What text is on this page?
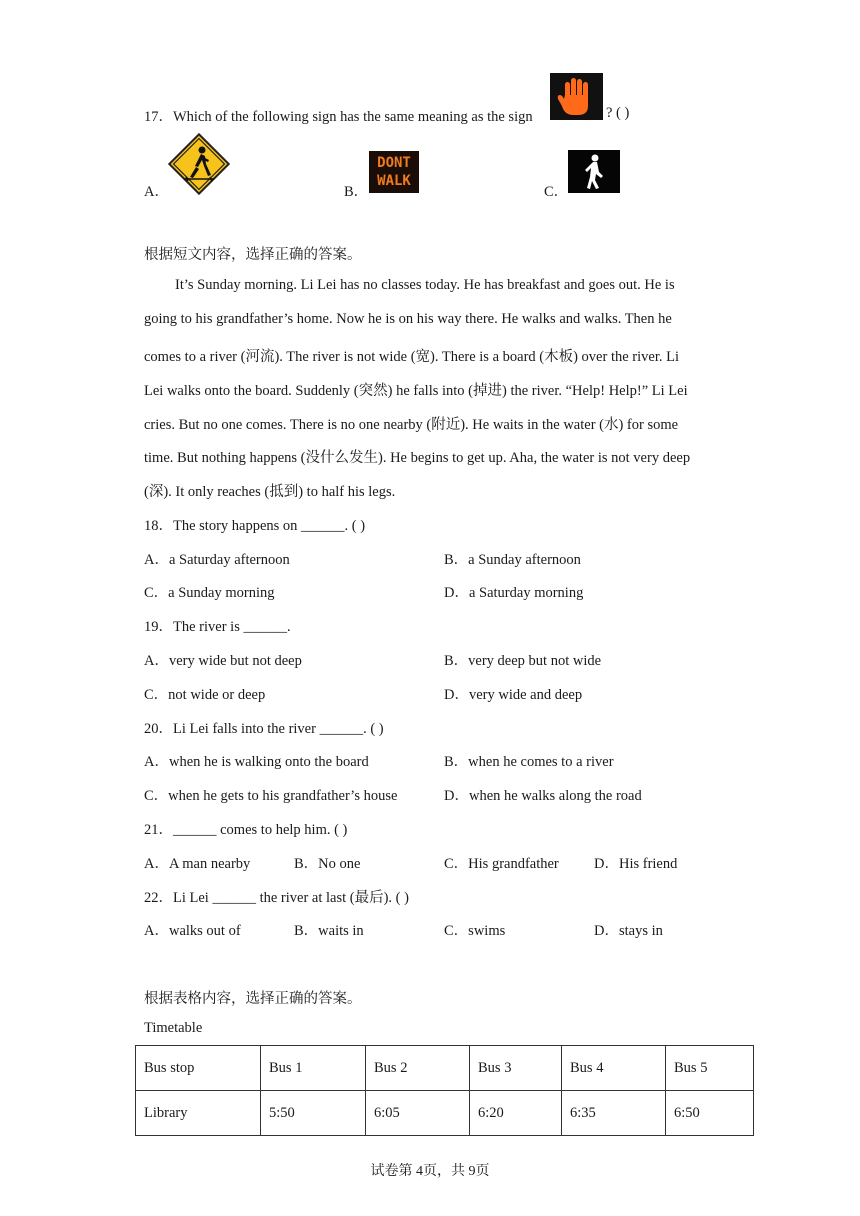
17．Which of the following sign has the same meaning as the sign	? ( )
A．	B．
DONT
WALK
C．
根据短文内容，选择正确的答案。
It’s Sunday morning. Li Lei has no classes today. He has breakfast and goes out. He is
going to his grandfather’s home. Now he is on his way there. He walks and walks. Then he
comes to a river (河流). The river is not wide (宽). There is a board (木板) over the river. Li
Lei walks onto the board. Suddenly (突然) he falls into (掉进) the river. “Help! Help!” Li Lei
cries. But no one comes. There is no one nearby (附近). He waits in the water (水) for some
time. But nothing happens (没什么发生). He begins to get up. Aha, the water is not very deep
(深). It only reaches (抵到) to half his legs.
18．The story happens on ______. ( )
A．a Saturday afternoon	B．a Sunday afternoon
C．a Sunday morning	D．a Saturday morning
19．The river is ______.
A．very wide but not deep	B．very deep but not wide
C．not wide or deep	D．very wide and deep
20．Li Lei falls into the river ______. ( )
A．when he is walking onto the board	B．when he comes to a river
C．when he gets to his grandfather’s house	D．when he walks along the road
21．______ comes to help him. ( )
A．A man nearby	B．No one	C．His grandfather D．His friend
22．Li Lei ______ the river at last (最后). ( )
A．walks out of	B．waits in	C．swims	D．stays in
根据表格内容，选择正确的答案。
Timetable
Bus stop	Bus 1	Bus 2	Bus 3	Bus 4	Bus 5
Library	5:50	6:05	6:20	6:35	6:50
试卷第 4页，共 9页
